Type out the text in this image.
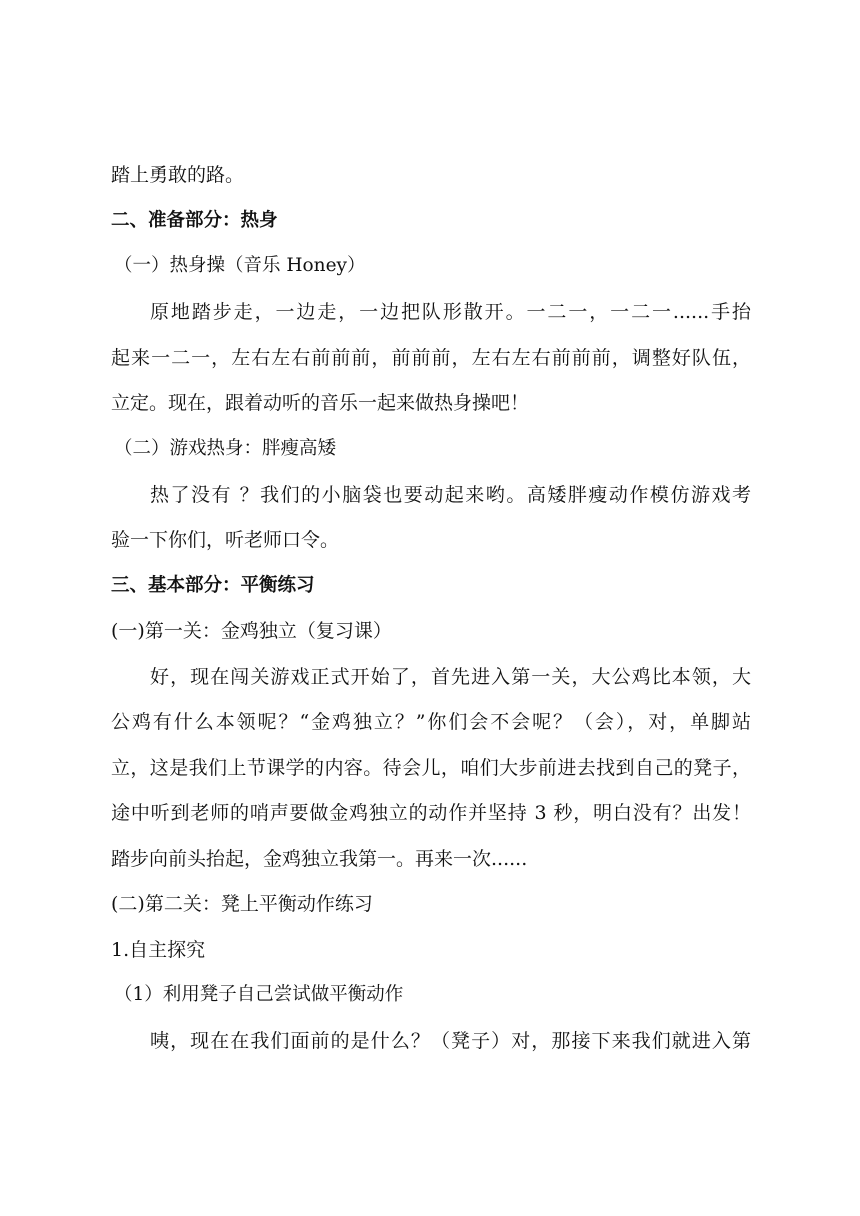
踏上勇敢的路。
二、准备部分：热身
（一）热身操（音乐 Honey）
原地踏步走，一边走，一边把队形散开。一二一，一二一......手抬
起来一二一，左右左右前前前，前前前，左右左右前前前，调整好队伍，
立定。现在，跟着动听的音乐一起来做热身操吧！
（二）游戏热身：胖瘦高矮
热了没有 ？我们的小脑袋也要动起来哟。高矮胖瘦动作模仿游戏考
验一下你们，听老师口令。
三、基本部分：平衡练习
(一)第一关：金鸡独立（复习课）
好，现在闯关游戏正式开始了，首先进入第一关，大公鸡比本领，大
公鸡有什么本领呢？“金鸡独立？”你们会不会呢？（会），对，单脚站
立，这是我们上节课学的内容。待会儿，咱们大步前进去找到自己的凳子，
途中听到老师的哨声要做金鸡独立的动作并坚持 3 秒，明白没有？出发！
踏步向前头抬起，金鸡独立我第一。再来一次......
(二)第二关：凳上平衡动作练习
1.自主探究
（1）利用凳子自己尝试做平衡动作
咦，现在在我们面前的是什么？（凳子）对，那接下来我们就进入第
